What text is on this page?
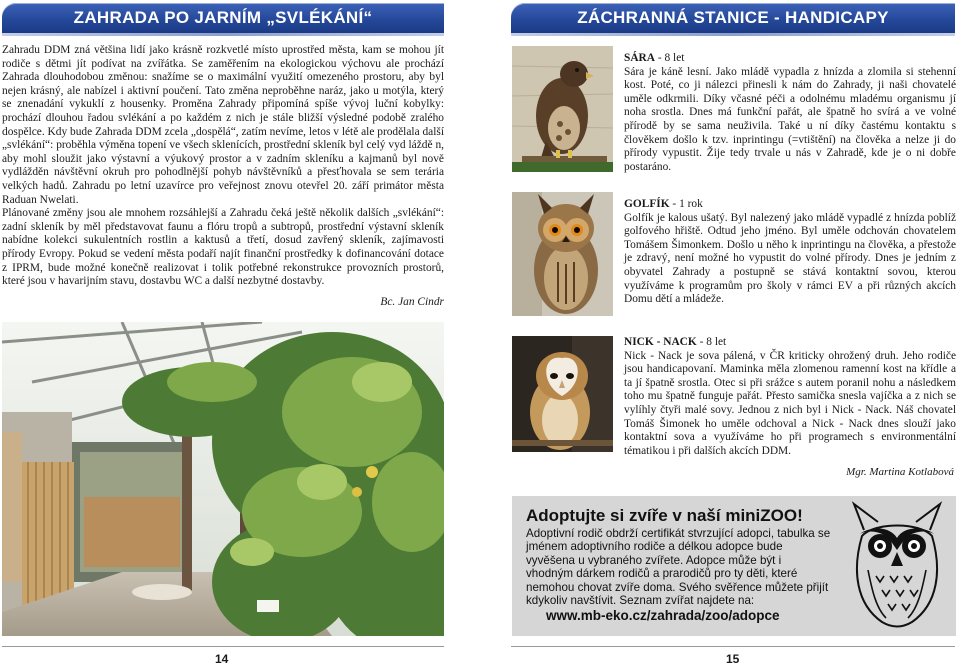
ZAHRADA PO JARNÍM „SVLÉKÁNÍ“

Zahradu DDM zná většina lidí jako krásně rozkvetlé místo uprostřed města, kam se mohou jít rodiče s dětmi jít podívat na zvířátka. Se zaměřením na ekologickou výchovu ale prochází Zahrada dlouhodobou změnou: snažíme se o maximální využití omezeného prostoru, aby byl nejen krásný, ale nabízel i aktivní poučení. Tato změna neproběhne naráz, jako u motýla, který se znenadání vykuklí z housenky. Proměna Zahrady připomíná spíše vývoj luční kobylky: prochází dlouhou řadou svlékání a po každém z nich je stále bližší výsledné podobě zralého dospělce. Kdy bude Zahrada DDM zcela „dospělá“, zatím nevíme, letos v létě ale prodělala další „svlékání“: proběhla výměna topení ve všech sklenících, prostřední skleník byl celý vyd láždě n, aby mohl sloužit jako výstavní a výukový prostor a v zadním skleníku a kajmanů byl nově vydlážděn návštěvní okruh pro pohodlnější pohyb návštěvníků a přesťhovala se sem terária velkých hadů. Zahradu po letní uzavírce pro veřejnost znovu otevřel 20. září primátor města Raduan Nwelati.

Plánované změny jsou ale mnohem rozsáhlejší a Zahradu čeká ještě několik dalších „svlékání“: zadní skleník by měl představovat faunu a flóru tropů a subtropů, prostřední výstavní skleník nabídne kolekci sukulentních rostlin a kaktusů a třetí, dosud zavřený skleník, zajímavosti přírody Evropy. Pokud se vedení města podaří najít finanční prostředky k dofinancování dotace z IPRM, bude možné konečně realizovat i tolik potřebné rekonstrukce provozních prostorů, které jsou v havarijním stavu, dostavbu WC a další nezbytné dostavby.

Bc. Jan Cindr

14
ZÁCHRANNÁ STANICE - HANDICAPY

SÁRA - 8 let
Sára je káně lesní. Jako mládě vypadla z hnízda a zlomila si stehenní kost. Poté, co ji nálezci přinesli k nám do Zahrady, ji naši chovatelé uměle odkrmili. Díky včasné péči a odolnému mladému organismu jí noha srostla. Dnes má funkční pařát, ale špatně ho svírá a ve volné přírodě by se sama neuživila. Také u ní díky častému kontaktu s člověkem došlo k tzv. inprintingu (=vtištění) na člověka a nelze ji do přírody vypustit. Žije tedy trvale u nás v Zahradě, kde je o ni dobře postaráno.

GOLFÍK - 1 rok
Golfík je kalous ušatý. Byl nalezený jako mládě vypadlé z hnízda poblíž golfového hřiště. Odtud jeho jméno. Byl uměle odchován chovatelem Tomášem Šimonkem. Došlo u něho k inprintingu na člověka, a přestože je zdravý, není možné ho vypustit do volné přírody. Dnes je jedním z obyvatel Zahrady a postupně se stává kontaktní sovou, kterou využíváme k programům pro školy v rámci EV a při různých akcích Domu dětí a mládeže.

NICK - NACK - 8 let
Nick - Nack je sova pálená, v ČR kriticky ohrožený druh. Jeho rodiče jsou handicapovaní. Maminka měla zlomenou ramenní kost na křídle a ta jí špatně srostla. Otec si při srážce s autem poranil nohu a následkem toho mu špatně funguje pařát. Přesto samička snesla vajíčka a z nich se vylíhly čtyři malé sovy. Jednou z nich byl i Nick - Nack. Náš chovatel Tomáš Šimonek ho uměle odchoval a Nick - Nack dnes slouží jako kontaktní sova a využíváme ho při programech s environmentální tématikou i při dalších akcích DDM.

Mgr. Martina Kotlabová

Adoptujte si zvíře v naší miniZOO!

Adoptivní rodič obdrží certifikát stvrzující adopci, tabulka se jménem adoptivního rodiče a délkou adopce bude vyvěšena u vybraného zvířete. Adopce může být i vhodným dárkem rodičů a prarodičů pro ty děti, které nemohou chovat zvíře doma. Svého svěřence můžete přijít kdykoliv navštívit. Seznam zvířat najdete na:

www.mb-eko.cz/zahrada/zoo/adopce

15
